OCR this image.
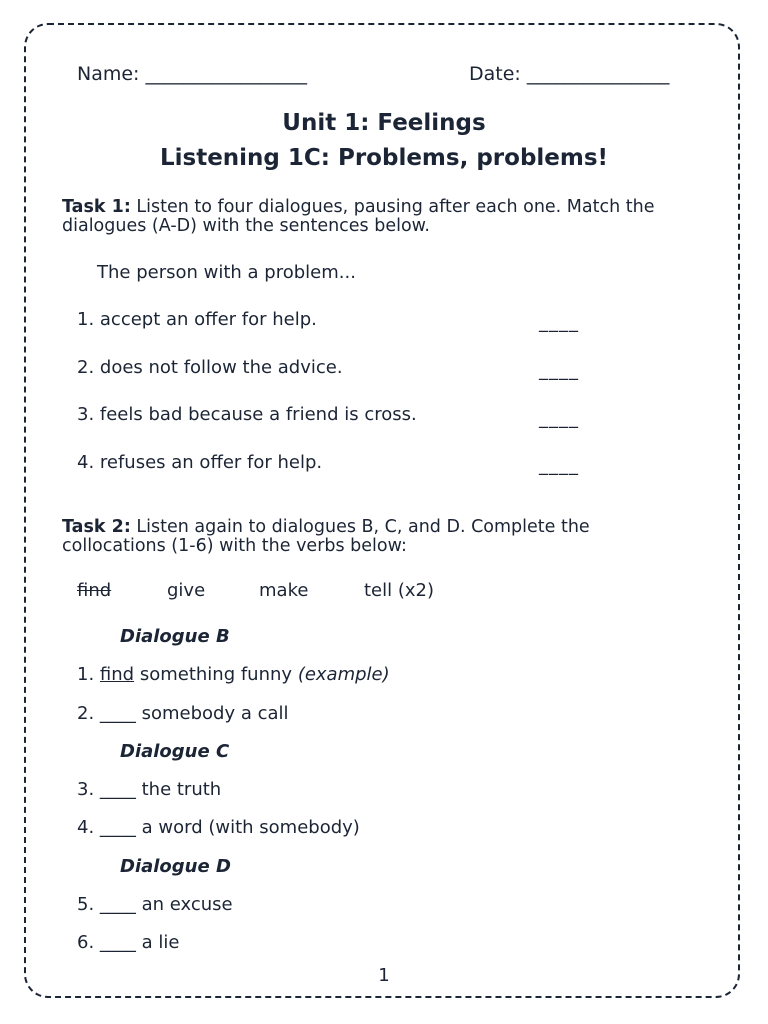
Name: _________________	Date: _______________
Unit 1: Feelings
Listening 1C: Problems, problems!
Task 1: Listen to four dialogues, pausing after each one. Match the dialogues (A-D) with the sentences below.
The person with a problem...
1. accept an offer for help.	____
2. does not follow the advice.	____
3. feels bad because a friend is cross.	____
4. refuses an offer for help.	____
Task 2: Listen again to dialogues B, C, and D. Complete the collocations (1-6) with the verbs below:
find	give	make	tell (x2)
Dialogue B
1. find something funny (example)
2. ____ somebody a call
Dialogue C
3. ____ the truth
4. ____ a word (with somebody)
Dialogue D
5. ____ an excuse
6. ____ a lie
1
